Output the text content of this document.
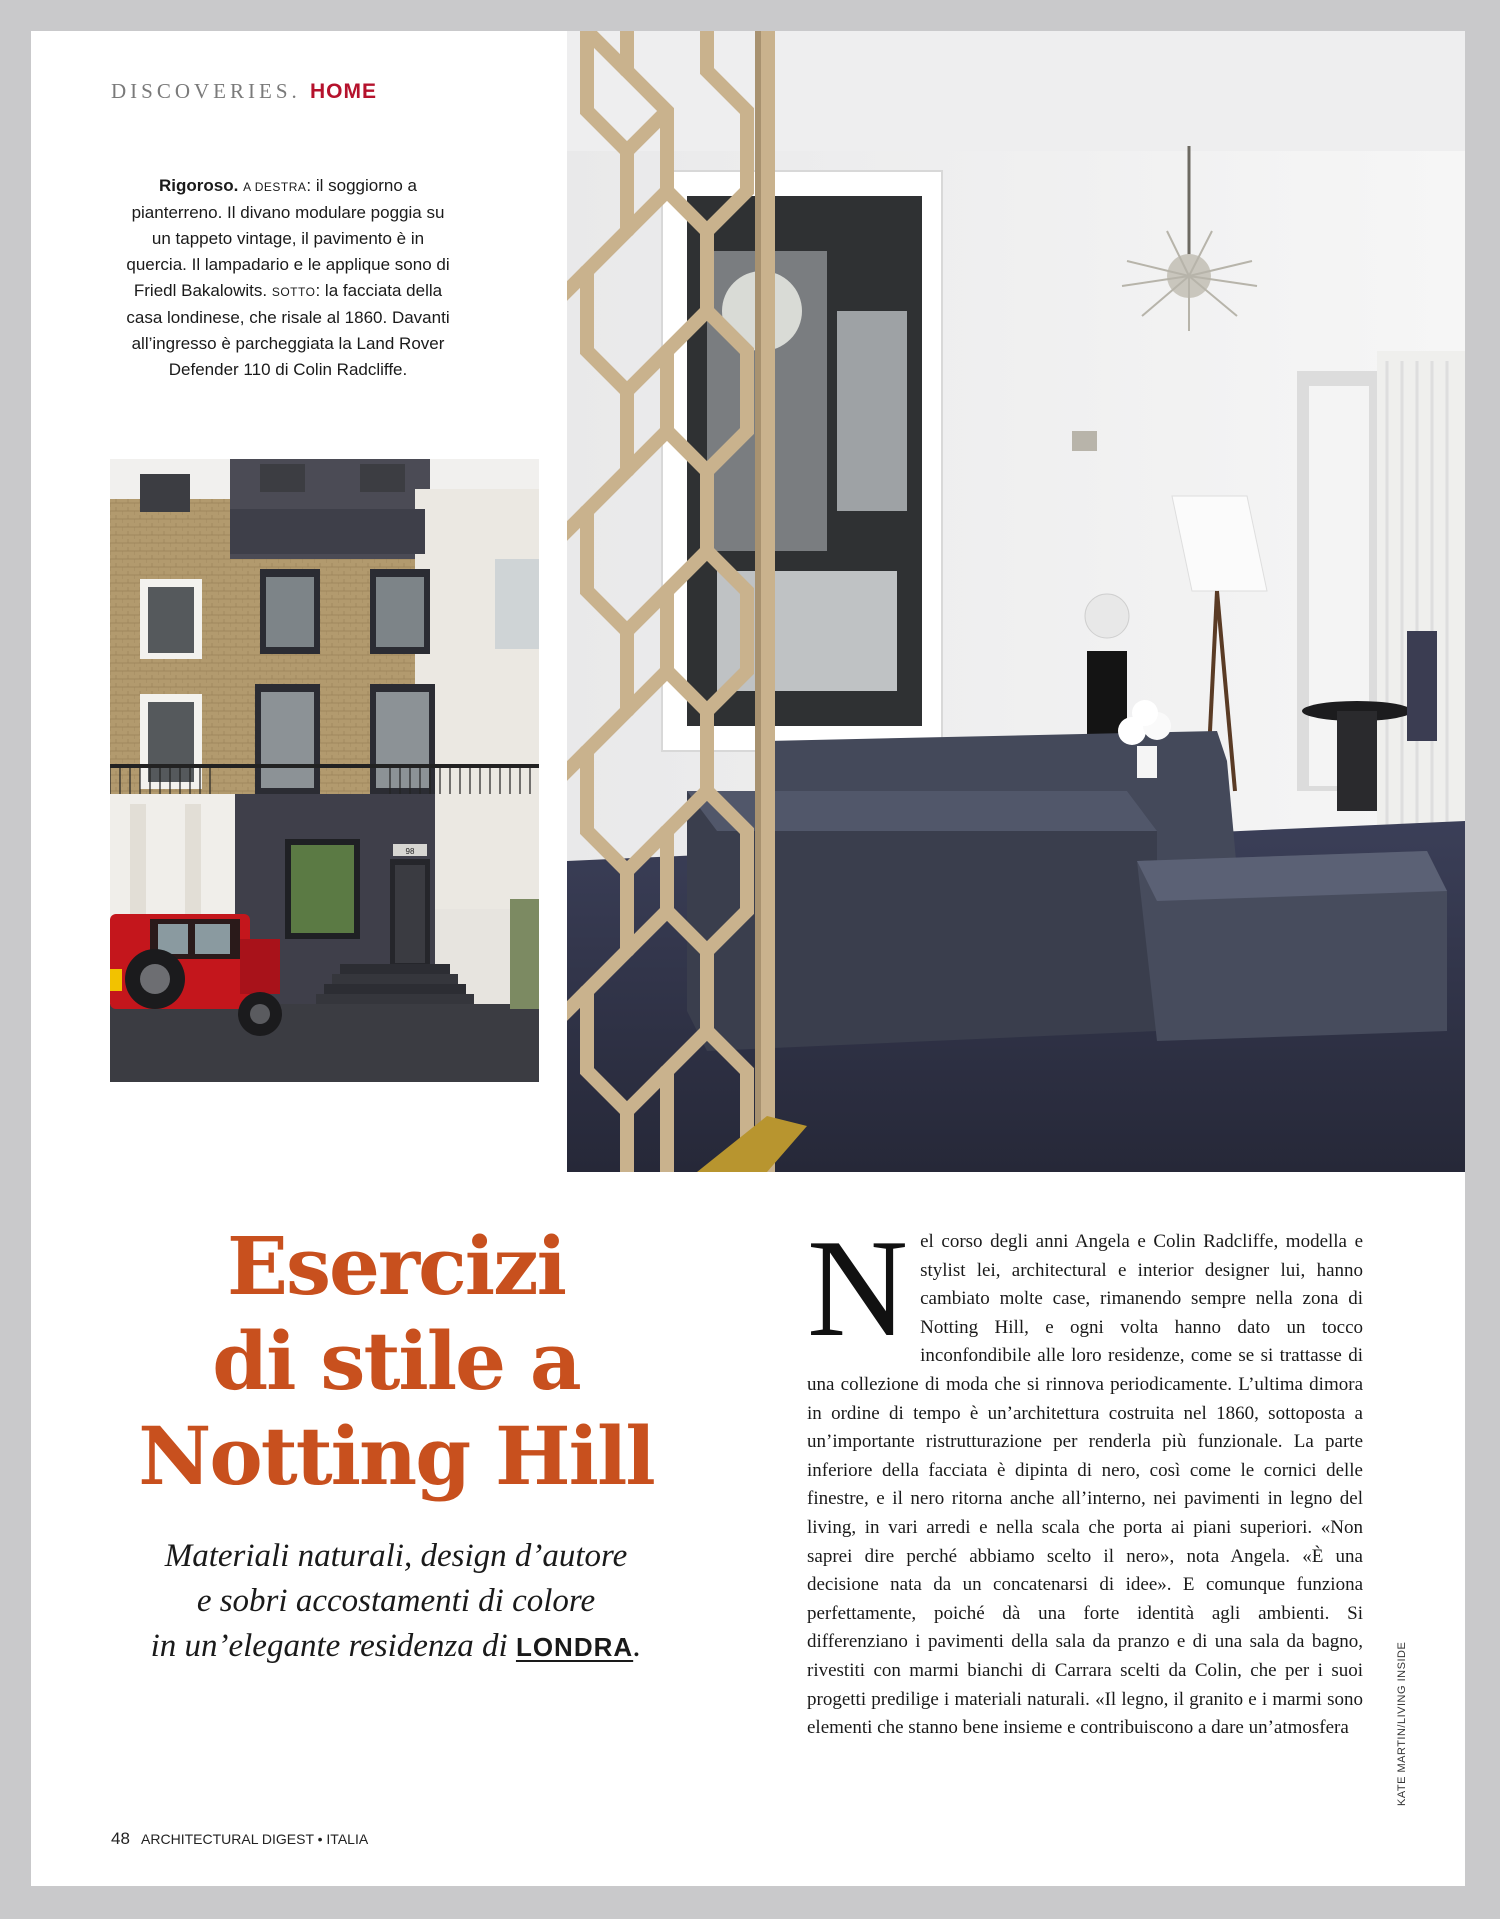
DISCOVERIES. HOME
Rigoroso. A DESTRA: il soggiorno a pianterreno. Il divano modulare poggia su un tappeto vintage, il pavimento è in quercia. Il lampadario e le applique sono di Friedl Bakalowits. SOTTO: la facciata della casa londinese, che risale al 1860. Davanti all’ingresso è parcheggiata la Land Rover Defender 110 di Colin Radcliffe.
98
Esercizi
di stile a
Notting Hill

Materiali naturali, design d’autore
e sobri accostamenti di colore
in un’elegante residenza di LONDRA.

Nel corso degli anni Angela e Colin Radcliffe, modella e stylist lei, architectural e interior designer lui, hanno cambiato molte case, rimanendo sempre nella zona di Notting Hill, e ogni volta hanno dato un tocco inconfondibile alle loro residenze, come se si trattasse di una collezione di moda che si rinnova periodicamente. L’ultima dimora in ordine di tempo è un’architettura costruita nel 1860, sottoposta a un’importante ristrutturazione per renderla più funzionale. La parte inferiore della facciata è dipinta di nero, così come le cornici delle finestre, e il nero ritorna anche all’interno, nei pavimenti in legno del living, in vari arredi e nella scala che porta ai piani superiori. «Non saprei dire perché abbiamo scelto il nero», nota Angela. «È una decisione nata da un concatenarsi di idee». E comunque funziona perfettamente, poiché dà una forte identità agli ambienti. Si differenziano i pavimenti della sala da pranzo e di una sala da bagno, rivestiti con marmi bianchi di Carrara scelti da Colin, che per i suoi progetti predilige i materiali naturali. «Il legno, il granito e i marmi sono elementi che stanno bene insieme e contribuiscono a dare un’atmosfera	KATE MARTIN/LIVING INSIDE
48 ARCHITECTURAL DIGEST • ITALIA
